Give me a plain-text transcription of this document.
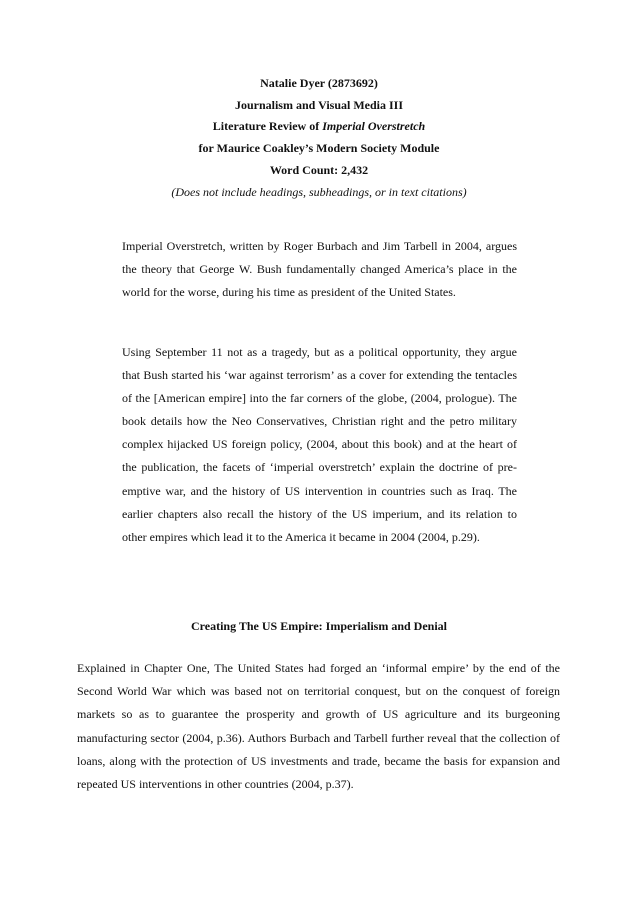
Natalie Dyer (2873692)
Journalism and Visual Media III
Literature Review of Imperial Overstretch
for Maurice Coakley’s Modern Society Module
Word Count: 2,432
(Does not include headings, subheadings, or in text citations)

Imperial Overstretch, written by Roger Burbach and Jim Tarbell in 2004, argues the theory that George W. Bush fundamentally changed America’s place in the world for the worse, during his time as president of the United States.

Using September 11 not as a tragedy, but as a political opportunity, they argue that Bush started his ‘war against terrorism’ as a cover for extending the tentacles of the [American empire] into the far corners of the globe, (2004, prologue). The book details how the Neo Conservatives, Christian right and the petro military complex hijacked US foreign policy, (2004, about this book) and at the heart of the publication, the facets of ‘imperial overstretch’ explain the doctrine of pre-emptive war, and the history of US intervention in countries such as Iraq. The earlier chapters also recall the history of the US imperium, and its relation to other empires which lead it to the America it became in 2004 (2004, p.29).

Creating The US Empire: Imperialism and Denial

Explained in Chapter One, The United States had forged an ‘informal empire’ by the end of the Second World War which was based not on territorial conquest, but on the conquest of foreign markets so as to guarantee the prosperity and growth of US agriculture and its burgeoning manufacturing sector (2004, p.36). Authors Burbach and Tarbell further reveal that the collection of loans, along with the protection of US investments and trade, became the basis for expansion and repeated US interventions in other countries (2004, p.37).
